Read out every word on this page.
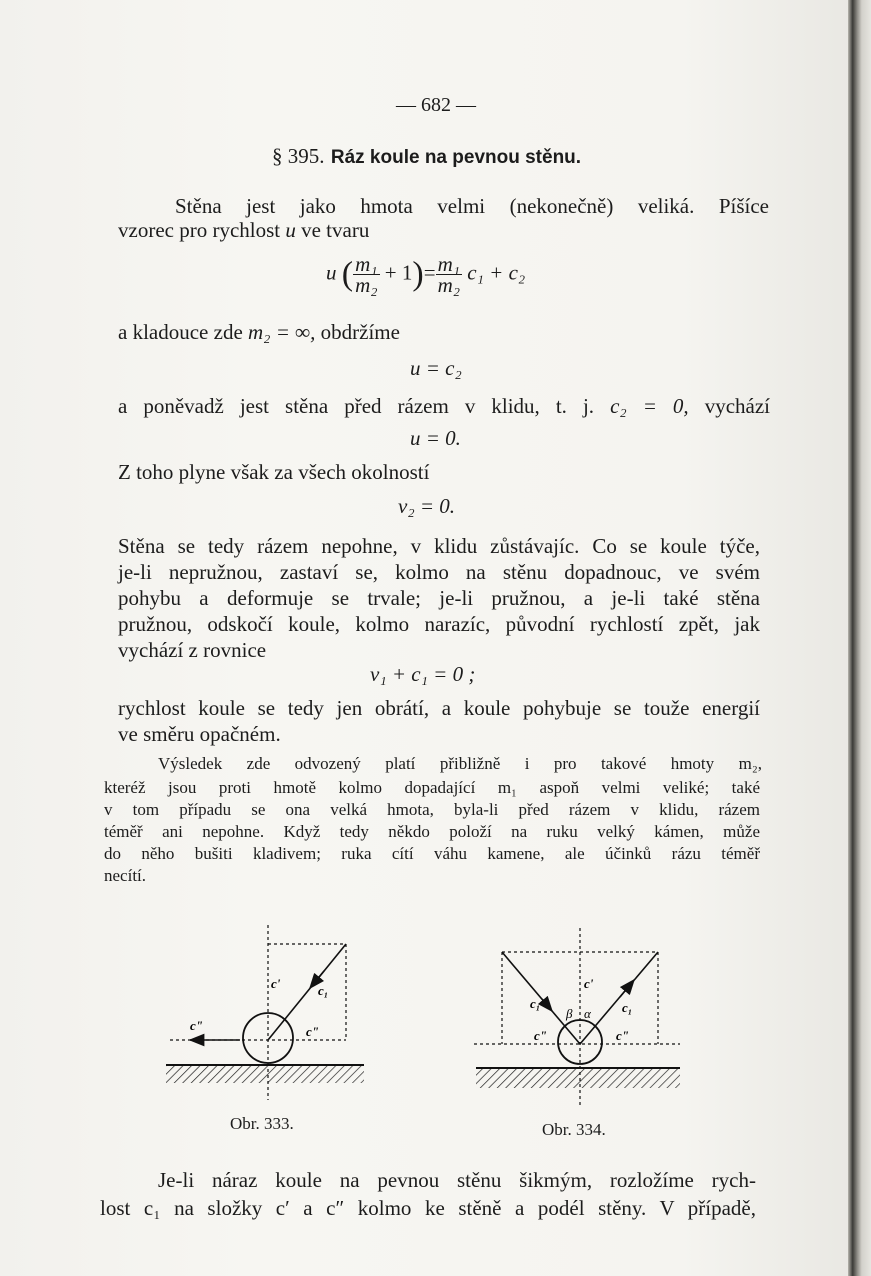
— 682 —
§ 395. Ráz koule na pevnou stěnu.
Stěna jest jako hmota velmi (nekonečně) veliká. Píšíce
vzorec pro rychlost u ve tvaru
u ( $\frac{\text{m₁}}{\text{m₂}} + 1)= \frac{\text{m₁}}{\text{m₂}} c_1 + c_2$
a kladouce zde m₂ = ∞, obdržíme
u = c₂
a poněvadž jest stěna před rázem v klidu, t. j. c₂ = 0, vychází
u = 0.
Z toho plyne však za všech okolností
v₂ = 0.
Stěna se tedy rázem nepohne, v klidu zůstávajíc. Co se koule týče,
je-li nepružnou, zastaví se, kolmo na stěnu dopadnouc, ve svém
pohybu a deformuje se trvale; je-li pružnou, a je-li také stěna
pružnou, odskočí koule, kolmo narazíc, původní rychlostí zpět, jak
vychází z rovnice
v₁ + c₁ = 0 ;
rychlost koule se tedy jen obrátí, a koule pohybuje se touže energií
ve směru opačném.
Výsledek zde odvozený platí přibližně i pro takové hmoty m₂,
kteréž jsou proti hmotě kolmo dopadající m₁ aspoň velmi veliké; také
v tom případu se ona velká hmota, byla-li před rázem v klidu, rázem
téměř ani nepohne. Když tedy někdo položí na ruku velký kámen, může
do něho bušiti kladivem; ruka cítí váhu kamene, ale účinků rázu téměř
necítí.
c'	c₁
c"	c"
Obr. 333.
c'
c₁	c₁
β α
c"	c"
Obr. 334.
Je-li náraz koule na pevnou stěnu šikmým, rozložíme rych-
lost c₁ na složky c′ a c″ kolmo ke stěně a podél stěny. V případě,
